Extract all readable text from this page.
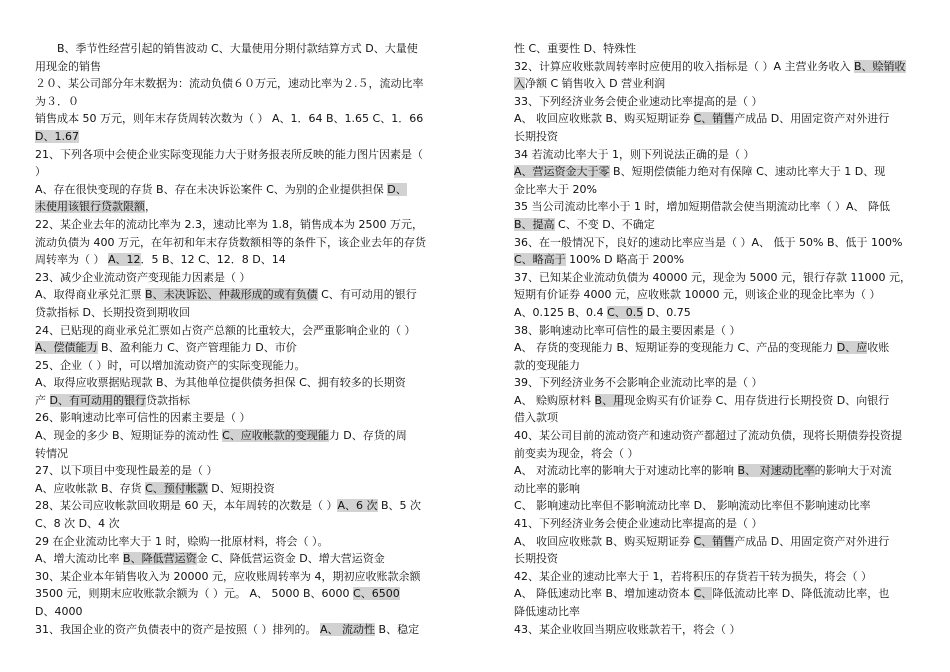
　　B、季节性经营引起的销售波动 C、大量使用分期付款结算方式 D、大量使
用现金的销售
２０、某公司部分年末数据为：流动负债６０万元，速动比率为２.５，流动比率
为３．０
销售成本 50 万元，则年末存货周转次数为（ ） A、1．64 B、1.65 C、1．66
D、1.67
21、下列各项中会使企业实际变现能力大于财务报表所反映的能力图片因素是（
）
A、存在很快变现的存货 B、存在未决诉讼案件 C、为别的企业提供担保 D、
未使用该银行贷款限额，
22、某企业去年的流动比率为 2.3，速动比率为 1.8，销售成本为 2500 万元，
流动负债为 400 万元，在年初和年末存货数额相等的条件下，该企业去年的存货
周转率为（ ） A、12．5 B、12 C、12．8 D、14
23、减少企业流动资产变现能力因素是（ ）
A、取得商业承兑汇票 B、未决诉讼、仲裁形成的或有负债 C、有可动用的银行
贷款指标 D、长期投资到期收回
24、已贴现的商业承兑汇票如占资产总额的比重较大，会严重影响企业的（ ）
A、偿债能力 B、盈利能力 C、资产管理能力 D、市价
25、企业（ ）时，可以增加流动资产的实际变现能力。
A、取得应收票据贴现款 B、为其他单位提供债务担保 C、拥有较多的长期资
产 D、有可动用的银行贷款指标
26、影响速动比率可信性的因素主要是（ ）
A、现金的多少 B、短期证券的流动性 C、应收帐款的变现能力 D、存货的周
转情况
27、以下项目中变现性最差的是（ ）
A、应收帐款 B、存货 C、预付帐款 D、短期投资
28、某公司应收帐款回收期是 60 天，本年周转的次数是（ ）A、6 次 B、5 次
C、8 次 D、4 次
29 在企业流动比率大于 1 时，赊购一批原材料，将会（ ）。
A、增大流动比率 B、降低营运资金 C、降低营运资金 D、增大营运资金
30、某企业本年销售收入为 20000 元，应收账周转率为 4，期初应收账款余额
3500 元，则期末应收账款余额为（ ）元。 A、 5000 B、6000 C、6500
D、4000
31、我国企业的资产负债表中的资产是按照（ ）排列的。 A、 流动性 B、稳定
性 C、重要性 D、特殊性
32、计算应收账款周转率时应使用的收入指标是（ ）A 主营业务收入 B、赊销收
入净额 C 销售收入 D 营业利润
33、下列经济业务会使企业速动比率提高的是（ ）
A、 收回应收账款 B、购买短期证券 C、销售产成品 D、用固定资产对外进行
长期投资
34 若流动比率大于 1，则下列说法正确的是（ ）
A、营运资金大于零 B、短期偿债能力绝对有保障 C、速动比率大于 1 D、现
金比率大于 20%
35 当公司流动比率小于 1 时，增加短期借款会使当期流动比率（ ）A、 降低
B、提高 C、不变 D、不确定
36、在一般情况下，良好的速动比率应当是（ ）A、 低于 50% B、低于 100%
C、略高于 100% D 略高于 200%
37、已知某企业流动负债为 40000 元，现金为 5000 元，银行存款 11000 元，
短期有价证券 4000 元，应收账款 10000 元，则该企业的现金比率为（ ）
A、0.125 B、0.4 C、0.5 D、0.75
38、影响速动比率可信性的最主要因素是（ ）
A、 存货的变现能力 B、短期证券的变现能力 C、产品的变现能力 D、应收账
款的变现能力
39、下列经济业务不会影响企业流动比率的是（ ）
A、 赊购原材料 B、用现金购买有价证券 C、用存货进行长期投资 D、向银行
借入款项
40、某公司目前的流动资产和速动资产都超过了流动负债，现将长期债券投资提
前变卖为现金，将会（ ）
A、 对流动比率的影响大于对速动比率的影响 B、 对速动比率的影响大于对流
动比率的影响
C、 影响速动比率但不影响流动比率 D、 影响流动比率但不影响速动比率
41、下列经济业务会使企业速动比率提高的是（ ）
A、 收回应收账款 B、购买短期证券 C、销售产成品 D、用固定资产对外进行
长期投资
42、某企业的速动比率大于 1，若将积压的存货若干转为损失，将会（ ）
A、 降低速动比率 B、增加速动资本 C、降低流动比率 D、降低流动比率，也
降低速动比率
43、某企业收回当期应收账款若干，将会（ ）
